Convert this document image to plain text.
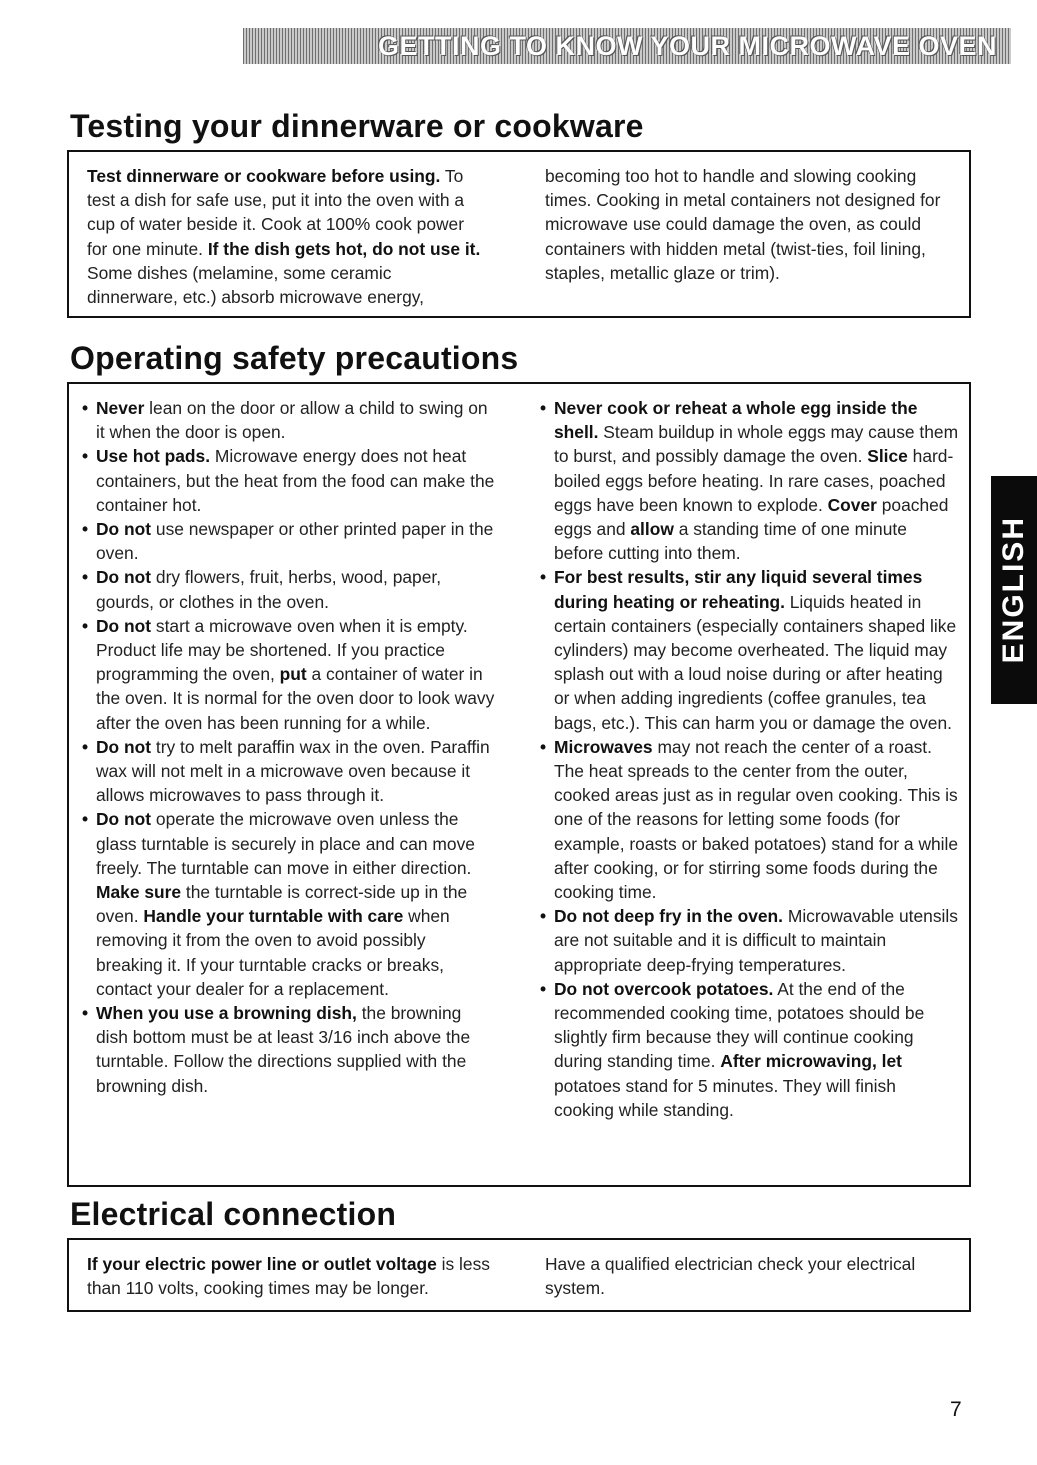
GETTING TO KNOW YOUR MICROWAVE OVEN
Testing your dinnerware or cookware

Test dinnerware or cookware before using. To test a dish for safe use, put it into the oven with a cup of water beside it. Cook at 100% cook power for one minute. If the dish gets hot, do not use it. Some dishes (melamine, some ceramic dinnerware, etc.) absorb microwave energy,

becoming too hot to handle and slowing cooking times. Cooking in metal containers not designed for microwave use could damage the oven, as could containers with hidden metal (twist-ties, foil lining, staples, metallic glaze or trim).

Operating safety precautions
• Never lean on the door or allow a child to swing on it when the door is open.
• Use hot pads. Microwave energy does not heat containers, but the heat from the food can make the container hot.
• Do not use newspaper or other printed paper in the oven.
• Do not dry flowers, fruit, herbs, wood, paper, gourds, or clothes in the oven.
• Do not start a microwave oven when it is empty. Product life may be shortened. If you practice programming the oven, put a container of water in the oven. It is normal for the oven door to look wavy after the oven has been running for a while.
• Do not try to melt paraffin wax in the oven. Paraffin wax will not melt in a microwave oven because it allows microwaves to pass through it.
• Do not operate the microwave oven unless the glass turntable is securely in place and can move freely. The turntable can move in either direction. Make sure the turntable is correct-side up in the oven. Handle your turntable with care when removing it from the oven to avoid possibly breaking it. If your turntable cracks or breaks, contact your dealer for a replacement.
• When you use a browning dish, the browning dish bottom must be at least 3/16 inch above the turntable. Follow the directions supplied with the browning dish.
• Never cook or reheat a whole egg inside the shell. Steam buildup in whole eggs may cause them to burst, and possibly damage the oven. Slice hard-boiled eggs before heating. In rare cases, poached eggs have been known to explode. Cover poached eggs and allow a standing time of one minute before cutting into them.
• For best results, stir any liquid several times during heating or reheating. Liquids heated in certain containers (especially containers shaped like cylinders) may become overheated. The liquid may splash out with a loud noise during or after heating or when adding ingredients (coffee granules, tea bags, etc.). This can harm you or damage the oven.
• Microwaves may not reach the center of a roast. The heat spreads to the center from the outer, cooked areas just as in regular oven cooking. This is one of the reasons for letting some foods (for example, roasts or baked potatoes) stand for a while after cooking, or for stirring some foods during the cooking time.
• Do not deep fry in the oven. Microwavable utensils are not suitable and it is difficult to maintain appropriate deep-frying temperatures.
• Do not overcook potatoes. At the end of the recommended cooking time, potatoes should be slightly firm because they will continue cooking during standing time. After microwaving, let potatoes stand for 5 minutes. They will finish cooking while standing.
Electrical connection

If your electric power line or outlet voltage is less than 110 volts, cooking times may be longer.

Have a qualified electrician check your electrical system.

ENGLISH
7
